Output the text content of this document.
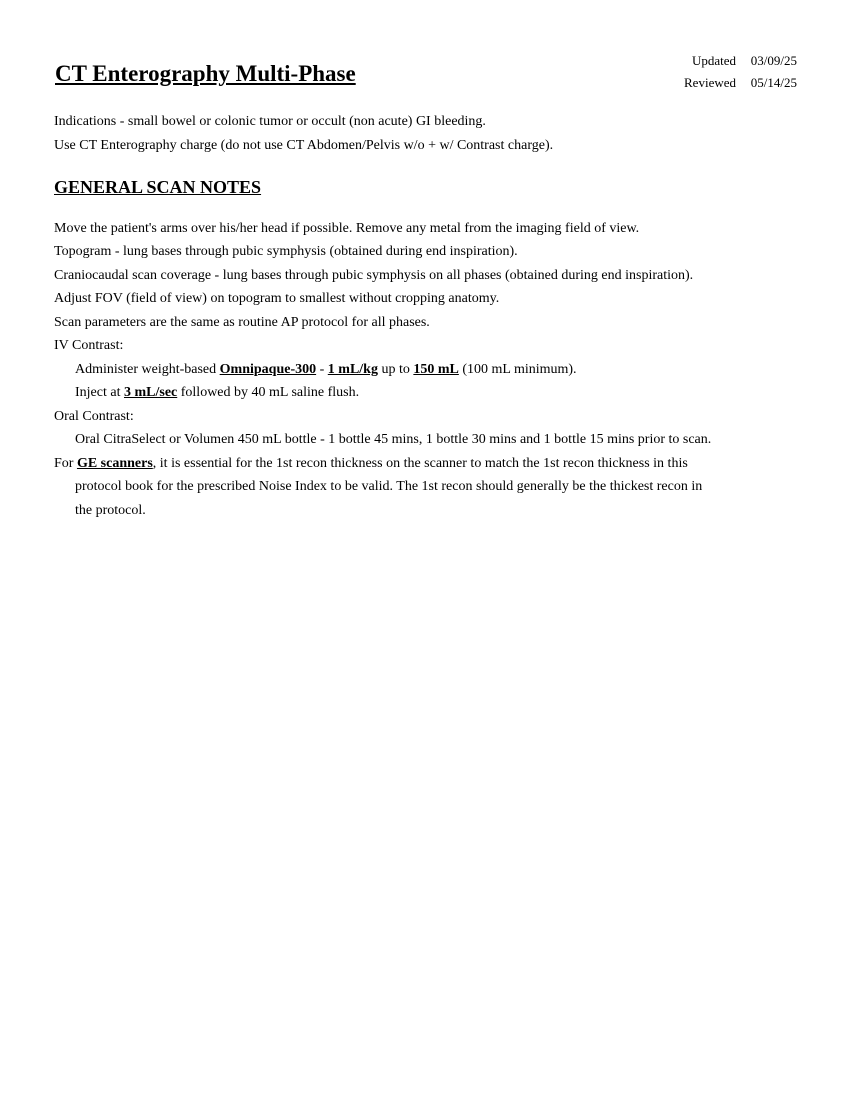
CT Enterography Multi-Phase
Updated 03/09/25
Reviewed 05/14/25
Indications - small bowel or colonic tumor or occult (non acute) GI bleeding.
Use CT Enterography charge (do not use CT Abdomen/Pelvis w/o + w/ Contrast charge).
GENERAL SCAN NOTES
Move the patient's arms over his/her head if possible. Remove any metal from the imaging field of view.
Topogram - lung bases through pubic symphysis (obtained during end inspiration).
Craniocaudal scan coverage - lung bases through pubic symphysis on all phases (obtained during end inspiration).
Adjust FOV (field of view) on topogram to smallest without cropping anatomy.
Scan parameters are the same as routine AP protocol for all phases.
IV Contrast:
Administer weight-based Omnipaque-300 - 1 mL/kg up to 150 mL (100 mL minimum).
Inject at 3 mL/sec followed by 40 mL saline flush.
Oral Contrast:
Oral CitraSelect or Volumen 450 mL bottle - 1 bottle 45 mins, 1 bottle 30 mins and 1 bottle 15 mins prior to scan.
For GE scanners, it is essential for the 1st recon thickness on the scanner to match the 1st recon thickness in this
protocol book for the prescribed Noise Index to be valid. The 1st recon should generally be the thickest recon in
the protocol.
